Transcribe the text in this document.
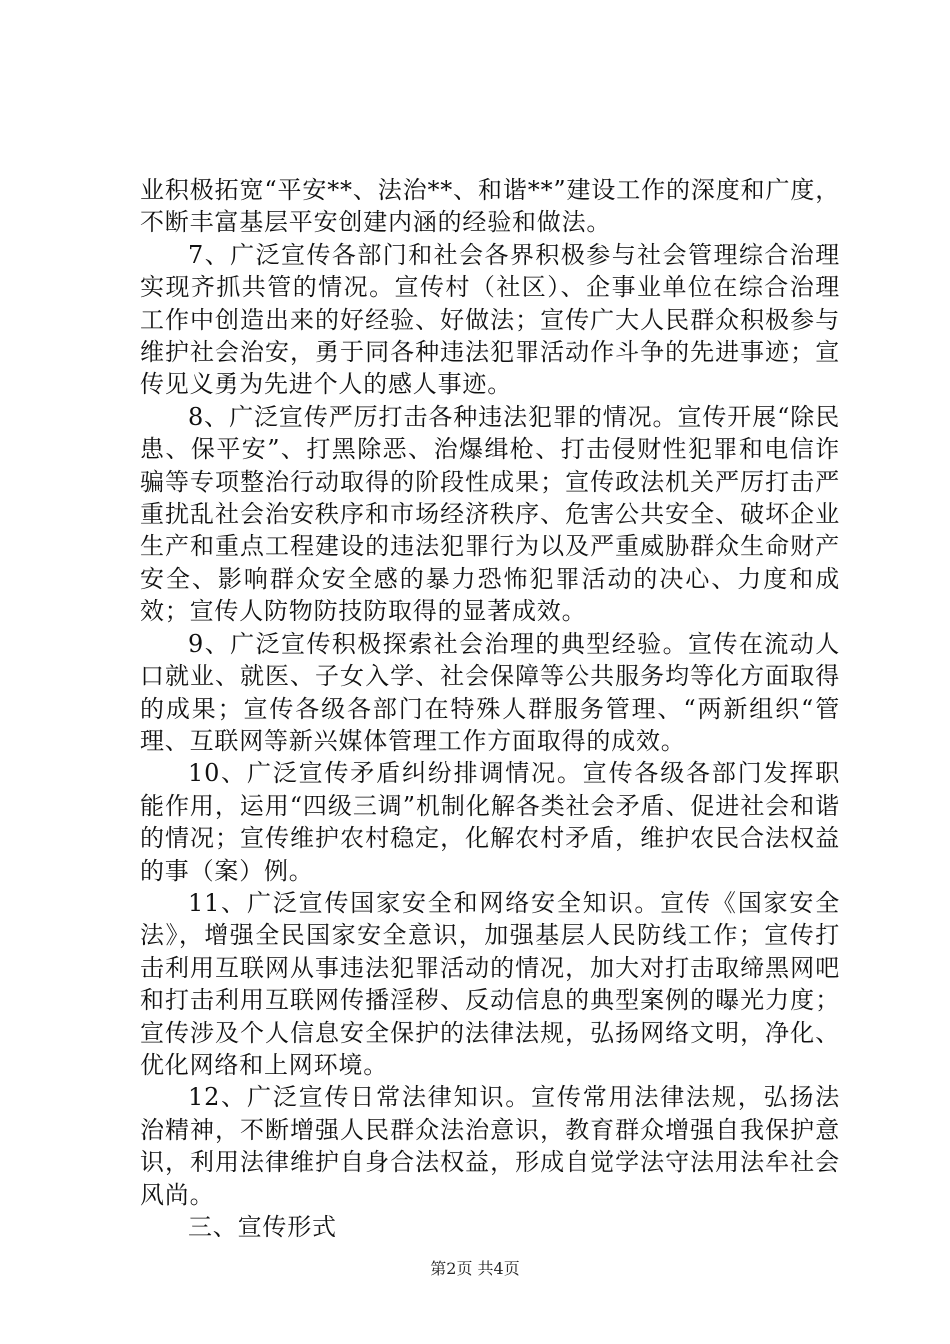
业积极拓宽“平安**、法治**、和谐**”建设工作的深度和广度，不断丰富基层平安创建内涵的经验和做法。

7、广泛宣传各部门和社会各界积极参与社会管理综合治理实现齐抓共管的情况。宣传村（社区）、企事业单位在综合治理工作中创造出来的好经验、好做法；宣传广大人民群众积极参与维护社会治安，勇于同各种违法犯罪活动作斗争的先进事迹；宣传见义勇为先进个人的感人事迹。

8、广泛宣传严厉打击各种违法犯罪的情况。宣传开展“除民患、保平安”、打黑除恶、治爆缉枪、打击侵财性犯罪和电信诈骗等专项整治行动取得的阶段性成果；宣传政法机关严厉打击严重扰乱社会治安秩序和市场经济秩序、危害公共安全、破坏企业生产和重点工程建设的违法犯罪行为以及严重威胁群众生命财产安全、影响群众安全感的暴力恐怖犯罪活动的决心、力度和成效；宣传人防物防技防取得的显著成效。

9、广泛宣传积极探索社会治理的典型经验。宣传在流动人口就业、就医、子女入学、社会保障等公共服务均等化方面取得的成果；宣传各级各部门在特殊人群服务管理、“两新组织“管理、互联网等新兴媒体管理工作方面取得的成效。

10、广泛宣传矛盾纠纷排调情况。宣传各级各部门发挥职能作用，运用“四级三调”机制化解各类社会矛盾、促进社会和谐的情况；宣传维护农村稳定，化解农村矛盾，维护农民合法权益的事（案）例。

11、广泛宣传国家安全和网络安全知识。宣传《国家安全法》，增强全民国家安全意识，加强基层人民防线工作；宣传打击利用互联网从事违法犯罪活动的情况，加大对打击取缔黑网吧和打击利用互联网传播淫秽、反动信息的典型案例的曝光力度；宣传涉及个人信息安全保护的法律法规，弘扬网络文明，净化、优化网络和上网环境。

12、广泛宣传日常法律知识。宣传常用法律法规，弘扬法治精神，不断增强人民群众法治意识，教育群众增强自我保护意识，利用法律维护自身合法权益，形成自觉学法守法用法牟社会风尚。

三、宣传形式

第2页 共4页
